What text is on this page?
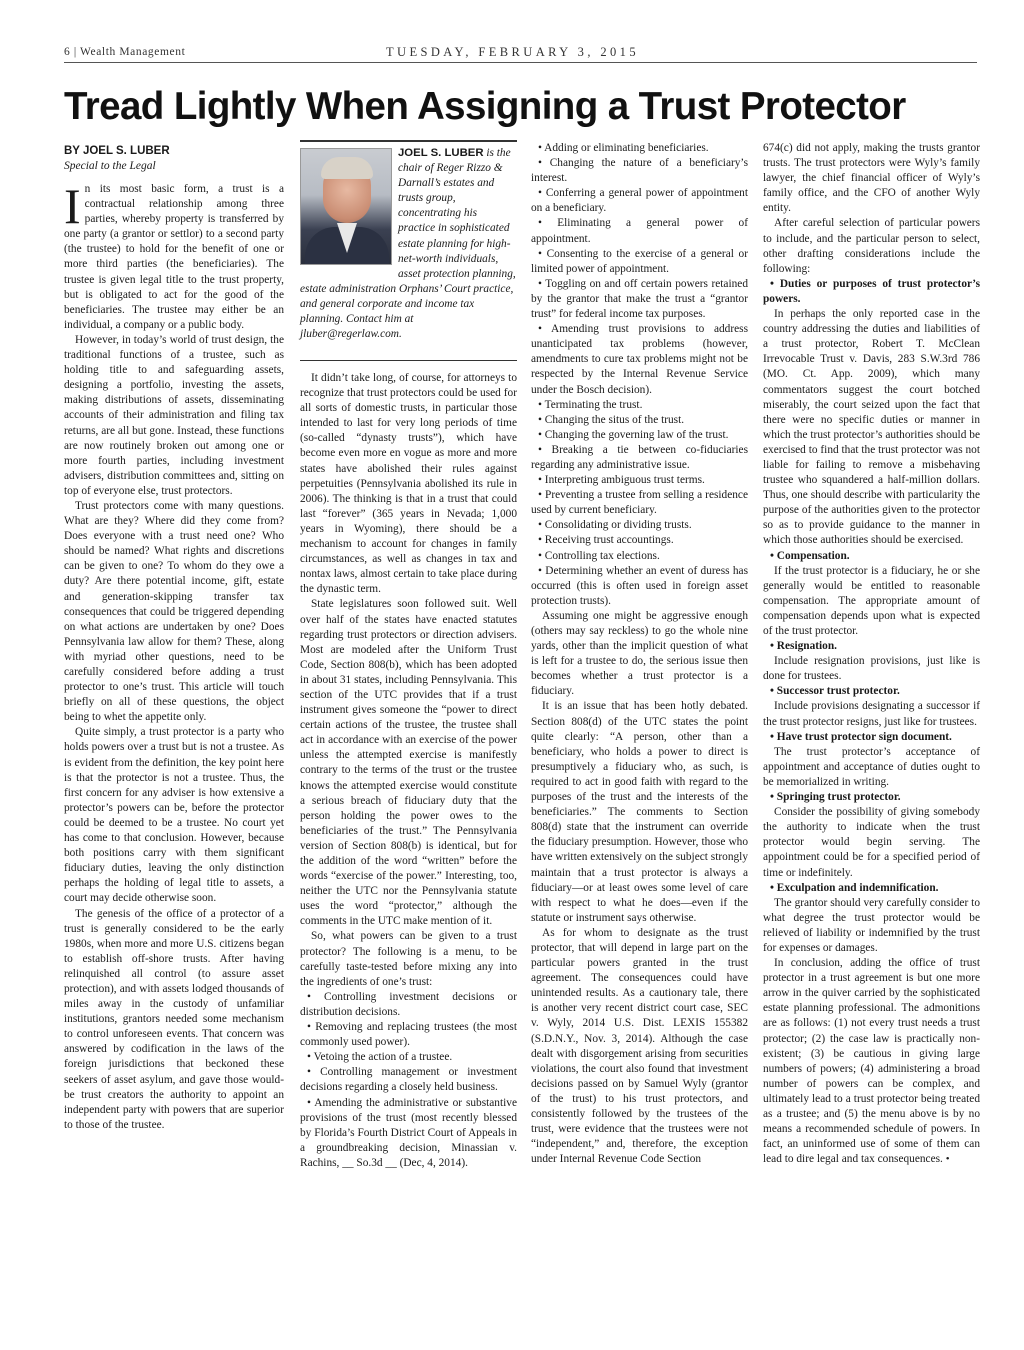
6 | Wealth Management	TUESDAY, FEBRUARY 3, 2015
Tread Lightly When Assigning a Trust Protector
BY JOEL S. LUBER
Special to the Legal

In its most basic form, a trust is a contractual relationship among three parties, whereby property is transferred by one party (a grantor or settlor) to a second party (the trustee) to hold for the benefit of one or more third parties (the beneficiaries). The trustee is given legal title to the trust property, but is obligated to act for the good of the beneficiaries. The trustee may either be an individual, a company or a public body.

However, in today’s world of trust design, the traditional functions of a trustee, such as holding title to and safeguarding assets, designing a portfolio, investing the assets, making distributions of assets, disseminating accounts of their administration and filing tax returns, are all but gone. Instead, these functions are now routinely broken out among one or more fourth parties, including investment advisers, distribution committees and, sitting on top of everyone else, trust protectors.

Trust protectors come with many questions. What are they? Where did they come from? Does everyone with a trust need one? Who should be named? What rights and discretions can be given to one? To whom do they owe a duty? Are there potential income, gift, estate and generation-skipping transfer tax consequences that could be triggered depending on what actions are undertaken by one? Does Pennsylvania law allow for them? These, along with myriad other questions, need to be carefully considered before adding a trust protector to one’s trust. This article will touch briefly on all of these questions, the object being to whet the appetite only.

Quite simply, a trust protector is a party who holds powers over a trust but is not a trustee. As is evident from the definition, the key point here is that the protector is not a trustee. Thus, the first concern for any adviser is how extensive a protector’s powers can be, before the protector could be deemed to be a trustee. No court yet has come to that conclusion. However, because both positions carry with them significant fiduciary duties, leaving the only distinction perhaps the holding of legal title to assets, a court may decide otherwise soon.

The genesis of the office of a protector of a trust is generally considered to be the early 1980s, when more and more U.S. citizens began to establish off-shore trusts. After having relinquished all control (to assure asset protection), and with assets lodged thousands of miles away in the custody of unfamiliar institutions, grantors needed some mechanism to control unforeseen events. That concern was answered by codification in the laws of the foreign jurisdictions that beckoned these seekers of asset asylum, and gave those would-be trust creators the authority to appoint an independent party with powers that are superior to those of the trustee.

JOEL S. LUBER is the chair of Reger Rizzo & Darnall’s estates and trusts group, concentrating his practice in sophisticated estate planning for high-net-worth individuals, asset protection planning, estate administration Orphans’ Court practice, and general corporate and income tax planning. Contact him at jluber@regerlaw.com.

It didn’t take long, of course, for attorneys to recognize that trust protectors could be used for all sorts of domestic trusts, in particular those intended to last for very long periods of time (so-called “dynasty trusts”), which have become even more en vogue as more and more states have abolished their rules against perpetuities (Pennsylvania abolished its rule in 2006). The thinking is that in a trust that could last “forever” (365 years in Nevada; 1,000 years in Wyoming), there should be a mechanism to account for changes in family circumstances, as well as changes in tax and nontax laws, almost certain to take place during the dynastic term.

State legislatures soon followed suit. Well over half of the states have enacted statutes regarding trust protectors or direction advisers. Most are modeled after the Uniform Trust Code, Section 808(b), which has been adopted in about 31 states, including Pennsylvania. This section of the UTC provides that if a trust instrument gives someone the “power to direct certain actions of the trustee, the trustee shall act in accordance with an exercise of the power unless the attempted exercise is manifestly contrary to the terms of the trust or the trustee knows the attempted exercise would constitute a serious breach of fiduciary duty that the person holding the power owes to the beneficiaries of the trust.” The Pennsylvania version of Section 808(b) is identical, but for the addition of the word “written” before the words “exercise of the power.” Interesting, too, neither the UTC nor the Pennsylvania statute uses the word “protector,” although the comments in the UTC make mention of it.

So, what powers can be given to a trust protector? The following is a menu, to be carefully taste-tested before mixing any into the ingredients of one’s trust:

• Controlling investment decisions or distribution decisions.

• Removing and replacing trustees (the most commonly used power).

• Vetoing the action of a trustee.

• Controlling management or investment decisions regarding a closely held business.

• Amending the administrative or substantive provisions of the trust (most recently blessed by Florida’s Fourth District Court of Appeals in a groundbreaking decision, Minassian v. Rachins, __ So.3d __ (Dec, 4, 2014).

• Adding or eliminating beneficiaries.

• Changing the nature of a beneficiary’s interest.

• Conferring a general power of appointment on a beneficiary.

• Eliminating a general power of appointment.

• Consenting to the exercise of a general or limited power of appointment.

• Toggling on and off certain powers retained by the grantor that make the trust a “grantor trust” for federal income tax purposes.

• Amending trust provisions to address unanticipated tax problems (however, amendments to cure tax problems might not be respected by the Internal Revenue Service under the Bosch decision).

• Terminating the trust.

• Changing the situs of the trust.

• Changing the governing law of the trust.

• Breaking a tie between co-fiduciaries regarding any administrative issue.

• Interpreting ambiguous trust terms.

• Preventing a trustee from selling a residence used by current beneficiary.

• Consolidating or dividing trusts.

• Receiving trust accountings.

• Controlling tax elections.

• Determining whether an event of duress has occurred (this is often used in foreign asset protection trusts).

Assuming one might be aggressive enough (others may say reckless) to go the whole nine yards, other than the implicit question of what is left for a trustee to do, the serious issue then becomes whether a trust protector is a fiduciary.

It is an issue that has been hotly debated. Section 808(d) of the UTC states the point quite clearly: “A person, other than a beneficiary, who holds a power to direct is presumptively a fiduciary who, as such, is required to act in good faith with regard to the purposes of the trust and the interests of the beneficiaries.” The comments to Section 808(d) state that the instrument can override the fiduciary presumption. However, those who have written extensively on the subject strongly maintain that a trust protector is always a fiduciary—or at least owes some level of care with respect to what he does—even if the statute or instrument says otherwise.

As for whom to designate as the trust protector, that will depend in large part on the particular powers granted in the trust agreement. The consequences could have unintended results. As a cautionary tale, there is another very recent district court case, SEC v. Wyly, 2014 U.S. Dist. LEXIS 155382 (S.D.N.Y., Nov. 3, 2014). Although the case dealt with disgorgement arising from securities violations, the court also found that investment decisions passed on by Samuel Wyly (grantor of the trust) to his trust protectors, and consistently followed by the trustees of the trust, were evidence that the trustees were not “independent,” and, therefore, the exception under Internal Revenue Code Section

674(c) did not apply, making the trusts grantor trusts. The trust protectors were Wyly’s family lawyer, the chief financial officer of Wyly’s family office, and the CFO of another Wyly entity.

After careful selection of particular powers to include, and the particular person to select, other drafting considerations include the following:

• Duties or purposes of trust protector’s powers.

In perhaps the only reported case in the country addressing the duties and liabilities of a trust protector, Robert T. McClean Irrevocable Trust v. Davis, 283 S.W.3rd 786 (MO. Ct. App. 2009), which many commentators suggest the court botched miserably, the court seized upon the fact that there were no specific duties or manner in which the trust protector’s authorities should be exercised to find that the trust protector was not liable for failing to remove a misbehaving trustee who squandered a half-million dollars. Thus, one should describe with particularity the purpose of the authorities given to the protector so as to provide guidance to the manner in which those authorities should be exercised.

• Compensation.

If the trust protector is a fiduciary, he or she generally would be entitled to reasonable compensation. The appropriate amount of compensation depends upon what is expected of the trust protector.

• Resignation.

Include resignation provisions, just like is done for trustees.

• Successor trust protector.

Include provisions designating a successor if the trust protector resigns, just like for trustees.

• Have trust protector sign document.

The trust protector’s acceptance of appointment and acceptance of duties ought to be memorialized in writing.

• Springing trust protector.

Consider the possibility of giving somebody the authority to indicate when the trust protector would begin serving. The appointment could be for a specified period of time or indefinitely.

• Exculpation and indemnification.

The grantor should very carefully consider to what degree the trust protector would be relieved of liability or indemnified by the trust for expenses or damages.

In conclusion, adding the office of trust protector in a trust agreement is but one more arrow in the quiver carried by the sophisticated estate planning professional. The admonitions are as follows: (1) not every trust needs a trust protector; (2) the case law is practically non-existent; (3) be cautious in giving large numbers of powers; (4) administering a broad number of powers can be complex, and ultimately lead to a trust protector being treated as a trustee; and (5) the menu above is by no means a recommended schedule of powers. In fact, an uninformed use of some of them can lead to dire legal and tax consequences. •
